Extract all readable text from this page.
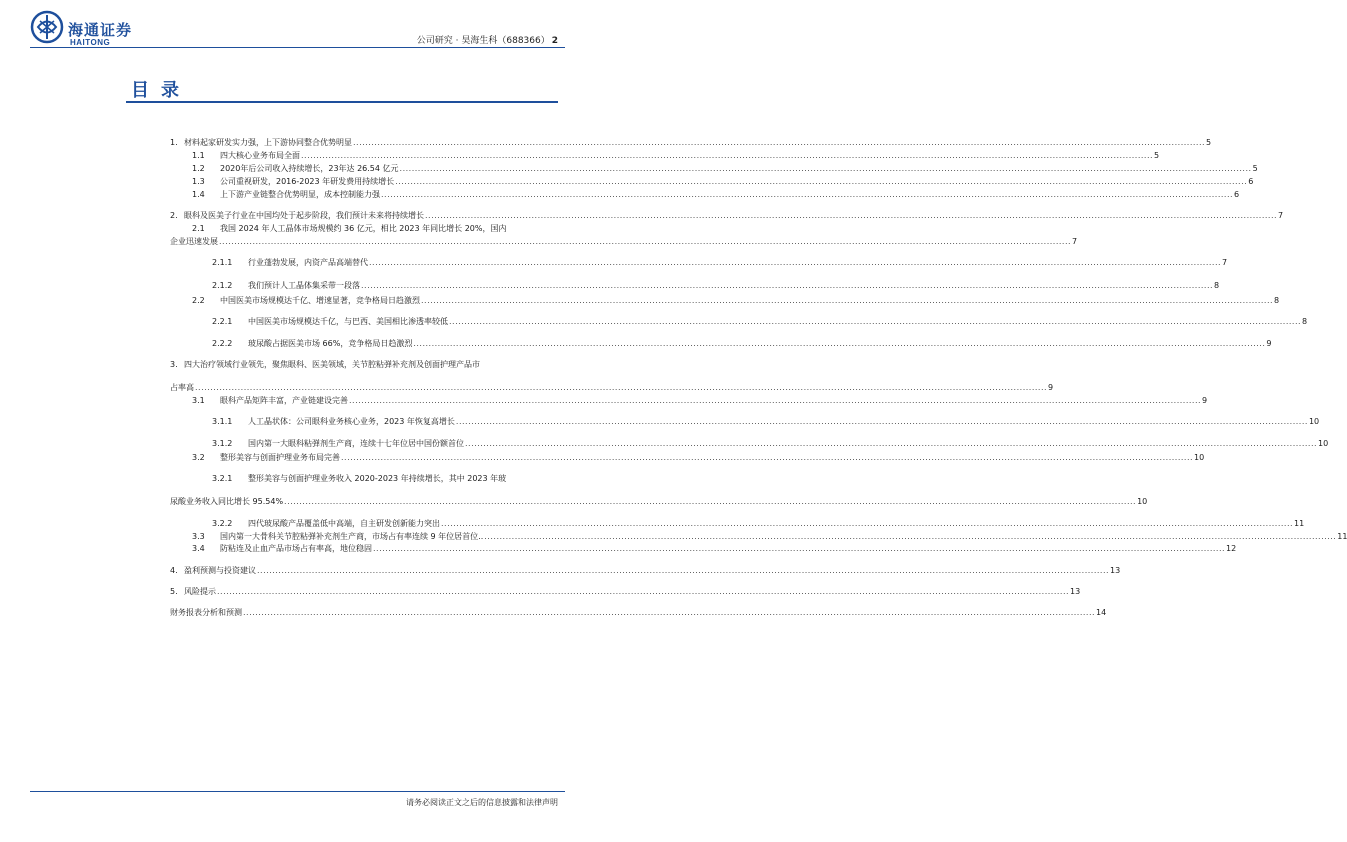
海通证券
HAITONG	公司研究 · 昊海生科（688366） 2
目录
1. 材料起家研发实力强，上下游协同整合优势明显 .....	5
1.1	四大核心业务布局全面 .....	5
1.2	2020年后公司收入持续增长，23年达 26.54 亿元 .....	5
1.3	公司重视研发，2016-2023 年研发费用持续增长 .....	6
1.4	上下游产业链整合优势明显，成本控制能力强 .....	6
2. 眼科及医美子行业在中国均处于起步阶段，我们预计未来将持续增长 .....	7
2.1	我国 2024 年人工晶体市场规模约 36 亿元，相比 2023 年同比增长 20%，国内
企业迅速发展 .....	7
2.1.1	行业蓬勃发展，内资产品高端替代 .....	7
2.1.2	我们预计人工晶体集采带一段落 .....	8
2.2	中国医美市场规模达千亿、增速显著，竞争格局日趋激烈 .....	8
2.2.1	中国医美市场规模达千亿，与巴西、美国相比渗透率较低 .....	8
2.2.2	玻尿酸占据医美市场 66%，竞争格局日趋激烈 .....	9
3. 四大治疗领域行业领先，聚焦眼科、医美领域，关节腔粘弹补充剂及创面护理产品市
占率高 .....	9
3.1	眼科产品矩阵丰富，产业链建设完善 .....	9
3.1.1	人工晶状体：公司眼科业务核心业务，2023 年恢复高增长 .....	10
3.1.2	国内第一大眼科粘弹剂生产商，连续十七年位居中国份额首位 .....	10
3.2	整形美容与创面护理业务布局完善 .....	10
3.2.1	整形美容与创面护理业务收入 2020-2023 年持续增长，其中 2023 年玻
尿酸业务收入同比增长 95.54% .....	10
3.2.2	四代玻尿酸产品覆盖低中高端，自主研发创新能力突出 .....	11
3.3	国内第一大骨科关节腔粘弹补充剂生产商，市场占有率连续 9 年位居首位.. .....	11
3.4	防粘连及止血产品市场占有率高，地位稳固 .....	12
4. 盈利预测与投资建议 .....	13
5. 风险提示 .....	13
财务报表分析和预测 .....	14
请务必阅读正文之后的信息披露和法律声明
